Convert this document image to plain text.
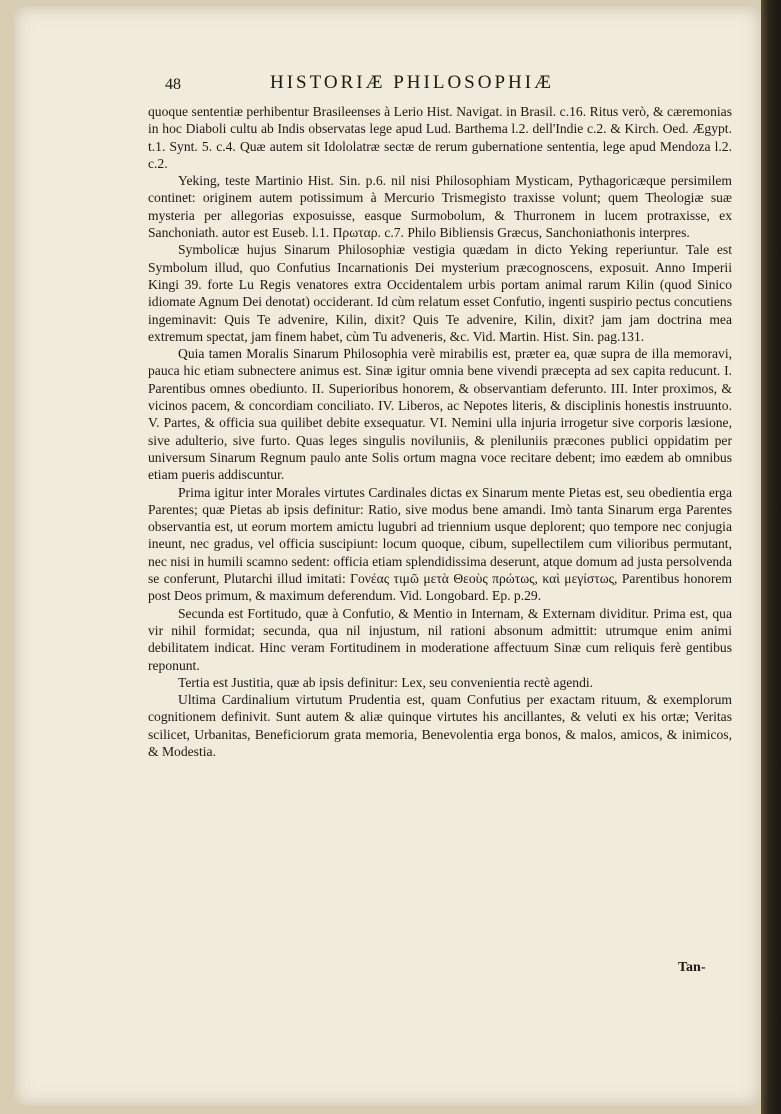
48	HISTORIÆ PHILOSOPHIÆ

quoque sententiæ perhibentur Brasileenses à Lerio Hist. Navigat. in Brasil. c.16. Ritus verò, & cæremonias in hoc Diaboli cultu ab Indis observatas lege apud Lud. Barthema l.2. dell'Indie c.2. & Kirch. Oed. Ægypt. t.1. Synt. 5. c.4. Quæ autem sit Idololatræ sectæ de rerum gubernatione sententia, lege apud Mendoza l.2. c.2.

Yeking, teste Martinio Hist. Sin. p.6. nil nisi Philosophiam Mysticam, Pythagoricæque persimilem continet: originem autem potissimum à Mercurio Trismegisto traxisse volunt; quem Theologiæ suæ mysteria per allegorias exposuisse, easque Surmobolum, & Thurronem in lucem protraxisse, ex Sanchoniath. autor est Euseb. l.1. Πρωταρ. c.7. Philo Bibliensis Græcus, Sanchoniathonis interpres.

Symbolicæ hujus Sinarum Philosophiæ vestigia quædam in dicto Yeking reperiuntur. Tale est Symbolum illud, quo Confutius Incarnationis Dei mysterium præcognoscens, exposuit. Anno Imperii Kingi 39. forte Lu Regis venatores extra Occidentalem urbis portam animal rarum Kilin (quod Sinico idiomate Agnum Dei denotat) occiderant. Id cùm relatum esset Confutio, ingenti suspirio pectus concutiens ingeminavit: Quis Te advenire, Kilin, dixit? Quis Te advenire, Kilin, dixit? jam jam doctrina mea extremum spectat, jam finem habet, cùm Tu adveneris, &c. Vid. Martin. Hist. Sin. pag.131.

Quia tamen Moralis Sinarum Philosophia verè mirabilis est, præter ea, quæ supra de illa memoravi, pauca hic etiam subnectere animus est. Sinæ igitur omnia bene vivendi præcepta ad sex capita reducunt. I. Parentibus omnes obediunto. II. Superioribus honorem, & observantiam deferunto. III. Inter proximos, & vicinos pacem, & concordiam conciliato. IV. Liberos, ac Nepotes literis, & disciplinis honestis instruunto. V. Partes, & officia sua quilibet debite exsequatur. VI. Nemini ulla injuria irrogetur sive corporis læsione, sive adulterio, sive furto. Quas leges singulis noviluniis, & pleniluniis præcones publici oppidatim per universum Sinarum Regnum paulo ante Solis ortum magna voce recitare debent; imo eædem ab omnibus etiam pueris addiscuntur.

Prima igitur inter Morales virtutes Cardinales dictas ex Sinarum mente Pietas est, seu obedientia erga Parentes; quæ Pietas ab ipsis definitur: Ratio, sive modus bene amandi. Imò tanta Sinarum erga Parentes observantia est, ut eorum mortem amictu lugubri ad triennium usque deplorent; quo tempore nec conjugia ineunt, nec gradus, vel officia suscipiunt: locum quoque, cibum, supellectilem cum vilioribus permutant, nec nisi in humili scamno sedent: officia etiam splendidissima deserunt, atque domum ad justa persolvenda se conferunt, Plutarchi illud imitati: Γονέας τιμῶ μετὰ Θεοὺς πρώτως, καὶ μεγίστως, Parentibus honorem post Deos primum, & maximum deferendum. Vid. Longobard. Ep. p.29.

Secunda est Fortitudo, quæ à Confutio, & Mentio in Internam, & Externam dividitur. Prima est, qua vir nihil formidat; secunda, qua nil injustum, nil rationi absonum admittit: utrumque enim animi debilitatem indicat. Hinc veram Fortitudinem in moderatione affectuum Sinæ cum reliquis ferè gentibus reponunt.

Tertia est Justitia, quæ ab ipsis definitur: Lex, seu convenientia rectè agendi.

Ultima Cardinalium virtutum Prudentia est, quam Confutius per exactam rituum, & exemplorum cognitionem definivit. Sunt autem & aliæ quinque virtutes his ancillantes, & veluti ex his ortæ; Veritas scilicet, Urbanitas, Beneficiorum grata memoria, Benevolentia erga bonos, & malos, amicos, & inimicos, & Modestia.

Tan-
